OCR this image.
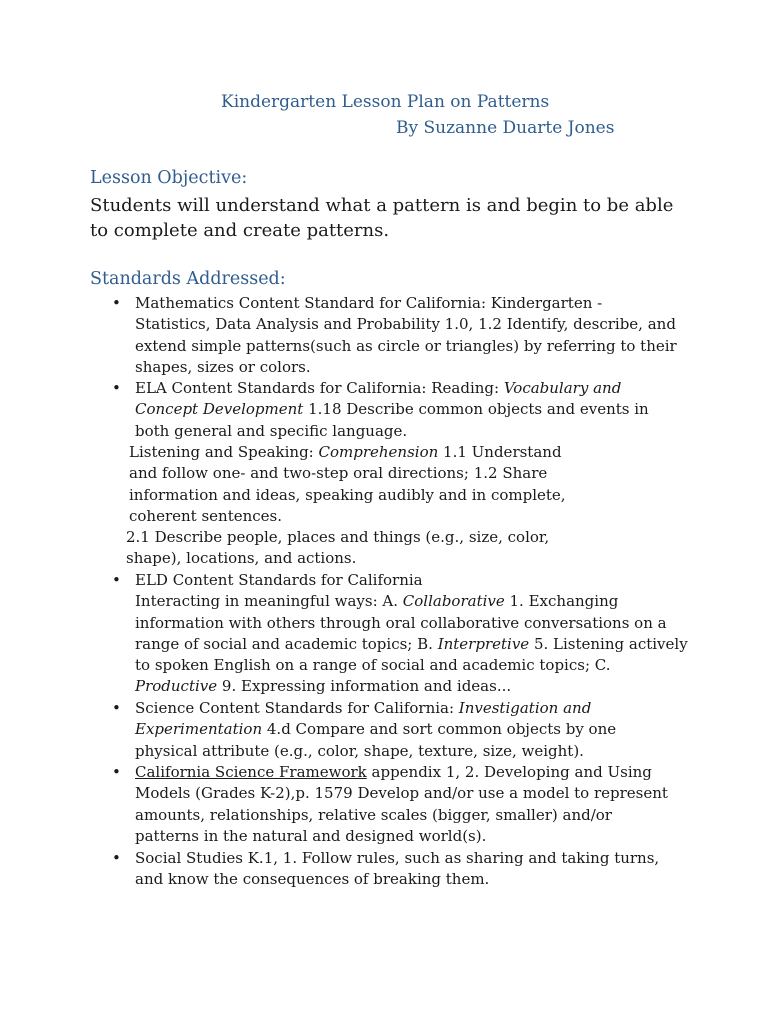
Kindergarten Lesson Plan on Patterns
By Suzanne Duarte Jones
Lesson Objective:
Students will understand what a pattern is and begin to be able to complete and create patterns.
Standards Addressed:
• Mathematics Content Standard for California: Kindergarten - Statistics, Data Analysis and Probability 1.0, 1.2 Identify, describe, and extend simple patterns(such as circle or triangles) by referring to their shapes, sizes or colors.
• ELA Content Standards for California: Reading: Vocabulary and Concept Development 1.18 Describe common objects and events in both general and specific language.
Listening and Speaking: Comprehension 1.1 Understand and follow one- and two-step oral directions; 1.2 Share information and ideas, speaking audibly and in complete, coherent sentences.
2.1 Describe people, places and things (e.g., size, color, shape), locations, and actions.
• ELD Content Standards for California
Interacting in meaningful ways: A. Collaborative 1. Exchanging information with others through oral collaborative conversations on a range of social and academic topics; B. Interpretive 5. Listening actively to spoken English on a range of social and academic topics; C. Productive 9. Expressing information and ideas...
• Science Content Standards for California: Investigation and Experimentation 4.d Compare and sort common objects by one physical attribute (e.g., color, shape, texture, size, weight).
• California Science Framework appendix 1, 2. Developing and Using Models (Grades K-2),p. 1579 Develop and/or use a model to represent amounts, relationships, relative scales (bigger, smaller) and/or patterns in the natural and designed world(s).
• Social Studies K.1, 1. Follow rules, such as sharing and taking turns, and know the consequences of breaking them.
